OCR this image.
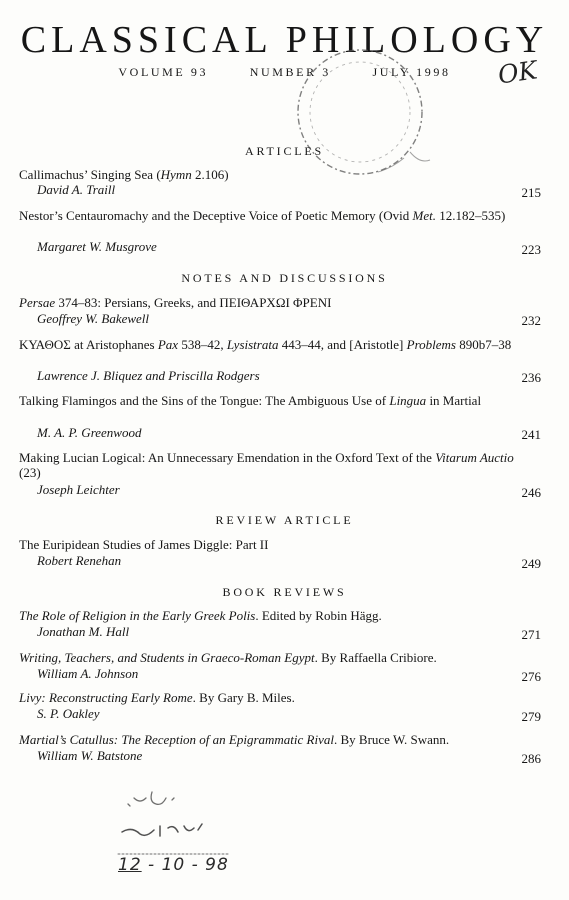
CLASSICAL PHILOLOGY
VOLUME 93	NUMBER 3	JULY 1998	OK
ARTICLES
Callimachus’ Singing Sea (Hymn 2.106)
David A. Traill	215
Nestor’s Centauromachy and the Deceptive Voice of Poetic Memory (Ovid Met. 12.182–535)
Margaret W. Musgrove	223
NOTES AND DISCUSSIONS
Persae 374–83: Persians, Greeks, and ΠΕΙΘΑΡΧΩΙ ΦΡΕΝΙ
Geoffrey W. Bakewell	232
ΚΥΑΘΟΣ at Aristophanes Pax 538–42, Lysistrata 443–44, and [Aristotle] Problems 890b7–38
Lawrence J. Bliquez and Priscilla Rodgers	236
Talking Flamingos and the Sins of the Tongue: The Ambiguous Use of Lingua in Martial
M. A. P. Greenwood	241
Making Lucian Logical: An Unnecessary Emendation in the Oxford Text of the Vitarum Auctio (23)
Joseph Leichter	246
REVIEW ARTICLE
The Euripidean Studies of James Diggle: Part II
Robert Renehan	249
BOOK REVIEWS
The Role of Religion in the Early Greek Polis. Edited by Robin Hägg.
Jonathan M. Hall	271
Writing, Teachers, and Students in Graeco-Roman Egypt. By Raffaella Cribiore.
William A. Johnson	276
Livy: Reconstructing Early Rome. By Gary B. Miles.
S. P. Oakley	279
Martial’s Catullus: The Reception of an Epigrammatic Rival. By Bruce W. Swann.
William W. Batstone	286
12 - 10 - 98
